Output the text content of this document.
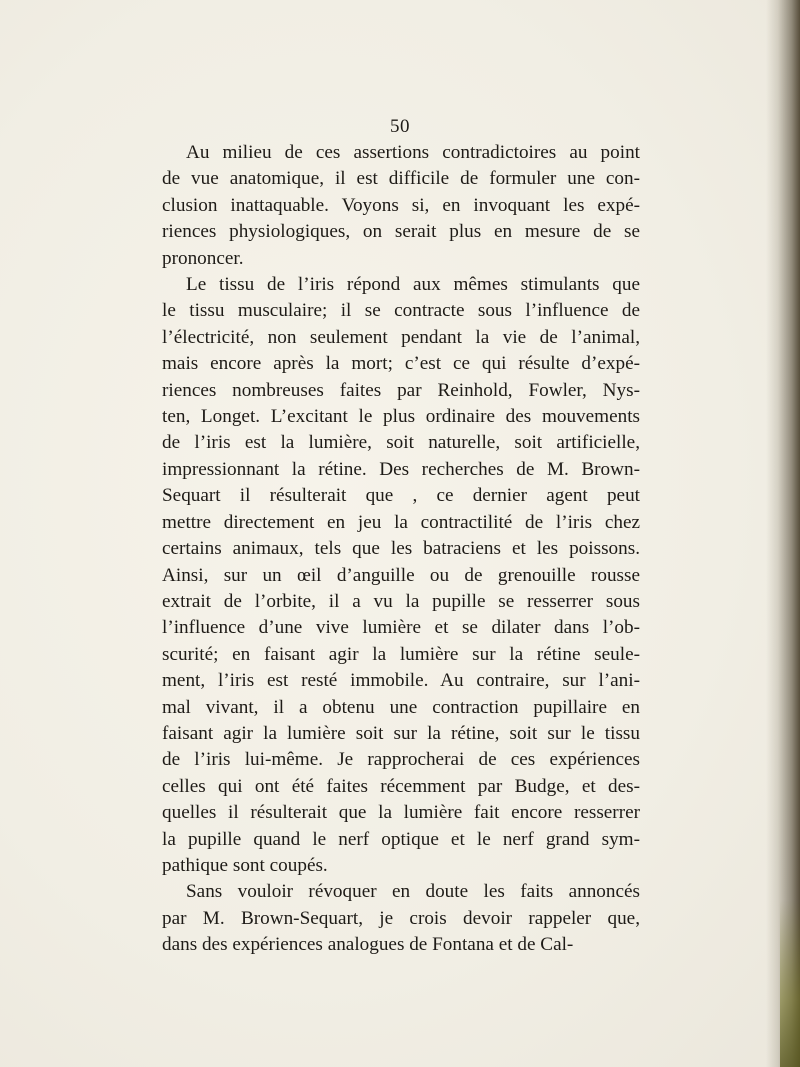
50
Au milieu de ces assertions contradictoires au point
de vue anatomique, il est difficile de formuler une con-
clusion inattaquable. Voyons si, en invoquant les expé-
riences physiologiques, on serait plus en mesure de se
prononcer.
Le tissu de l’iris répond aux mêmes stimulants que
le tissu musculaire; il se contracte sous l’influence de
l’électricité, non seulement pendant la vie de l’animal,
mais encore après la mort; c’est ce qui résulte d’expé-
riences nombreuses faites par Reinhold, Fowler, Nys-
ten, Longet. L’excitant le plus ordinaire des mouvements
de l’iris est la lumière, soit naturelle, soit artificielle,
impressionnant la rétine. Des recherches de M. Brown-
Sequart il résulterait que , ce dernier agent peut
mettre directement en jeu la contractilité de l’iris chez
certains animaux, tels que les batraciens et les poissons.
Ainsi, sur un œil d’anguille ou de grenouille rousse
extrait de l’orbite, il a vu la pupille se resserrer sous
l’influence d’une vive lumière et se dilater dans l’ob-
scurité; en faisant agir la lumière sur la rétine seule-
ment, l’iris est resté immobile. Au contraire, sur l’ani-
mal vivant, il a obtenu une contraction pupillaire en
faisant agir la lumière soit sur la rétine, soit sur le tissu
de l’iris lui-même. Je rapprocherai de ces expériences
celles qui ont été faites récemment par Budge, et des-
quelles il résulterait que la lumière fait encore resserrer
la pupille quand le nerf optique et le nerf grand sym-
pathique sont coupés.
Sans vouloir révoquer en doute les faits annoncés
par M. Brown-Sequart, je crois devoir rappeler que,
dans des expériences analogues de Fontana et de Cal-
